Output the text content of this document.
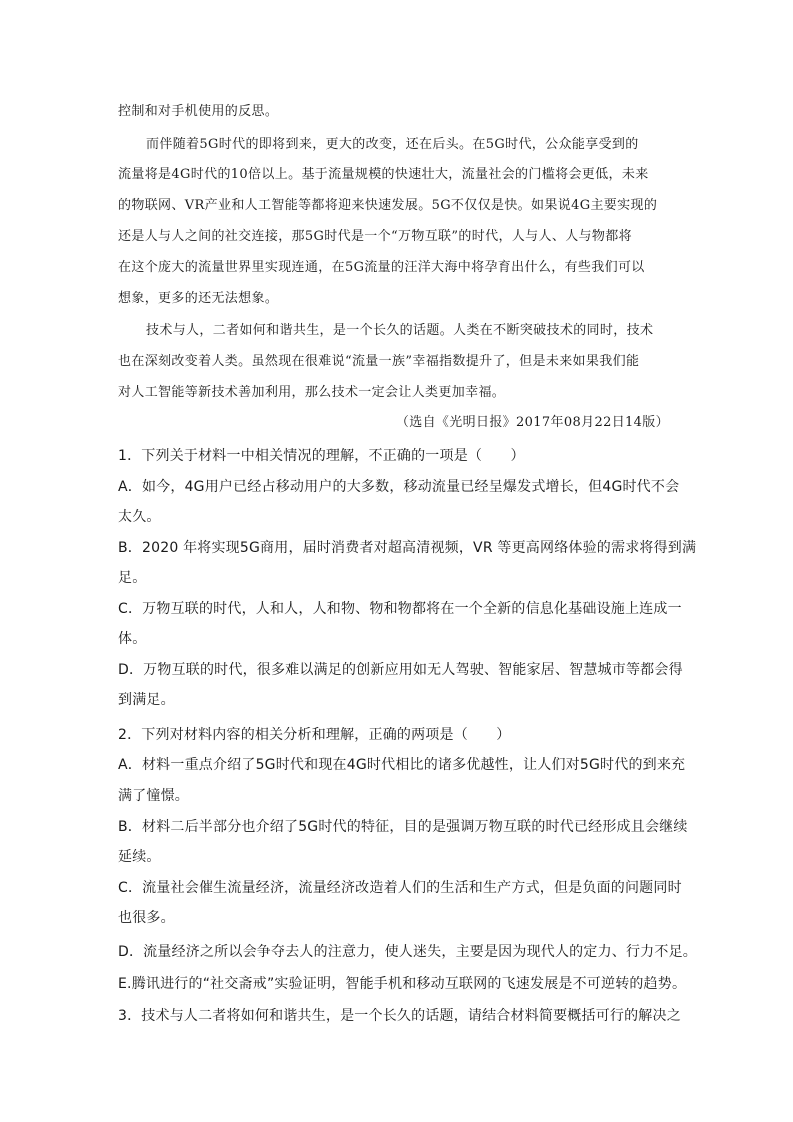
控制和对手机使用的反思。
而伴随着5G时代的即将到来，更大的改变，还在后头。在5G时代，公众能享受到的
流量将是4G时代的10倍以上。基于流量规模的快速壮大，流量社会的门槛将会更低，未来
的物联网、VR产业和人工智能等都将迎来快速发展。5G不仅仅是快。如果说4G主要实现的
还是人与人之间的社交连接，那5G时代是一个“万物互联”的时代，人与人、人与物都将
在这个庞大的流量世界里实现连通，在5G流量的汪洋大海中将孕育出什么，有些我们可以
想象，更多的还无法想象。
技术与人，二者如何和谐共生，是一个长久的话题。人类在不断突破技术的同时，技术
也在深刻改变着人类。虽然现在很难说“流量一族”幸福指数提升了，但是未来如果我们能
对人工智能等新技术善加利用，那么技术一定会让人类更加幸福。
（选自《光明日报》2017年08月22日14版）
1．下列关于材料一中相关情况的理解，不正确的一项是（　　）
A．如今，4G用户已经占移动用户的大多数，移动流量已经呈爆发式增长，但4G时代不会
太久。
B．2020 年将实现5G商用，届时消费者对超高清视频，VR 等更高网络体验的需求将得到满
足。
C．万物互联的时代，人和人，人和物、物和物都将在一个全新的信息化基础设施上连成一
体。
D．万物互联的时代，很多难以满足的创新应用如无人驾驶、智能家居、智慧城市等都会得
到满足。
2．下列对材料内容的相关分析和理解，正确的两项是（　　）
A．材料一重点介绍了5G时代和现在4G时代相比的诸多优越性，让人们对5G时代的到来充
满了憧憬。
B．材料二后半部分也介绍了5G时代的特征，目的是强调万物互联的时代已经形成且会继续
延续。
C．流量社会催生流量经济，流量经济改造着人们的生活和生产方式，但是负面的问题同时
也很多。
D．流量经济之所以会争夺去人的注意力，使人迷失，主要是因为现代人的定力、行力不足。
E.腾讯进行的“社交斋戒”实验证明，智能手机和移动互联网的飞速发展是不可逆转的趋势。
3．技术与人二者将如何和谐共生，是一个长久的话题，请结合材料简要概括可行的解决之
